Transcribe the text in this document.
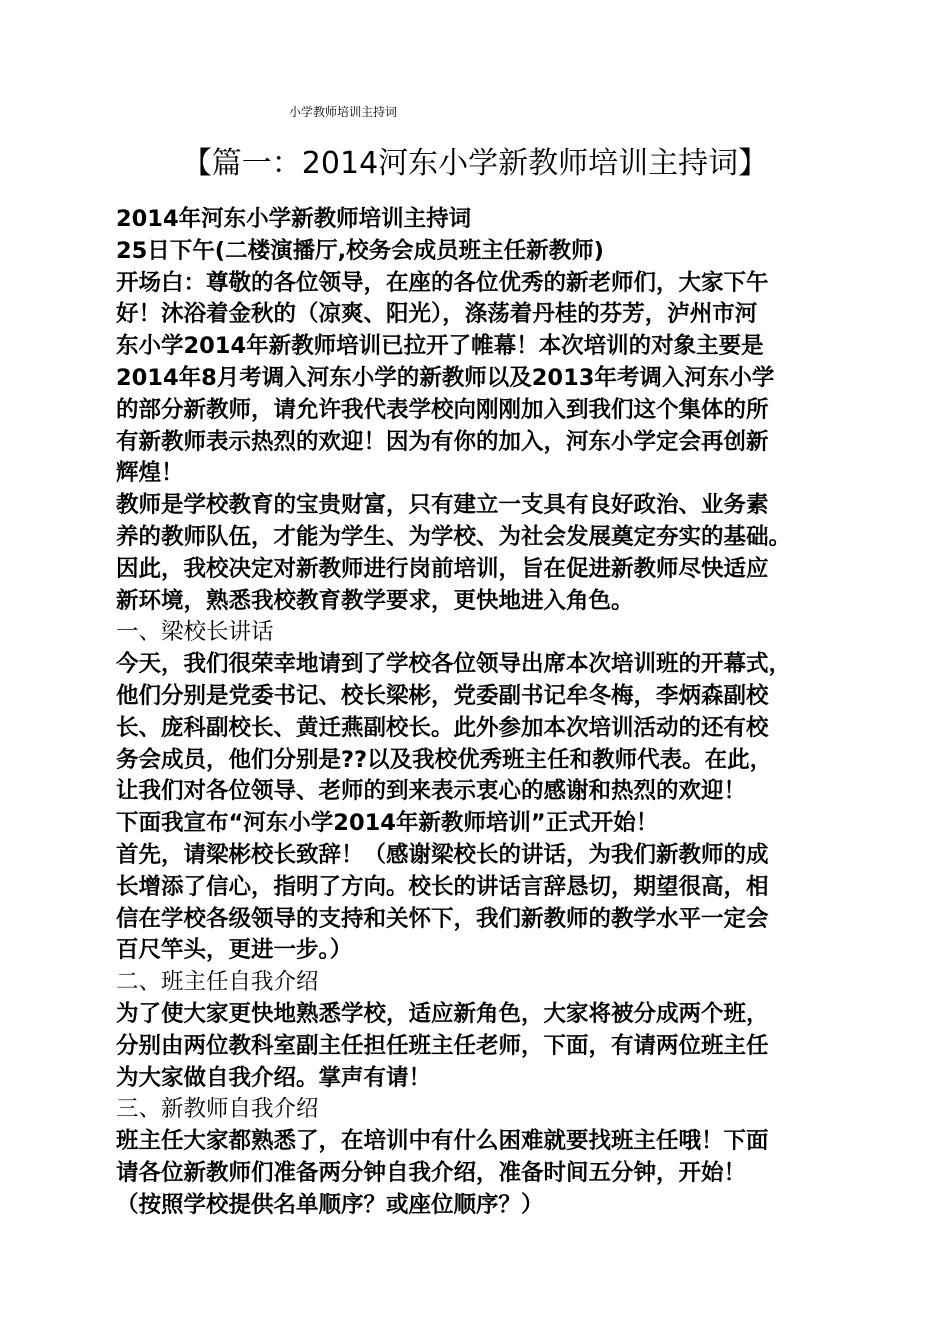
小学教师培训主持词
【篇一：2014河东小学新教师培训主持词】
2014年河东小学新教师培训主持词
25日下午(二楼演播厅,校务会成员班主任新教师)
开场白：尊敬的各位领导，在座的各位优秀的新老师们，大家下午
好！沐浴着金秋的（凉爽、阳光），涤荡着丹桂的芬芳，泸州市河
东小学2014年新教师培训已拉开了帷幕！本次培训的对象主要是
2014年8月考调入河东小学的新教师以及2013年考调入河东小学
的部分新教师，请允许我代表学校向刚刚加入到我们这个集体的所
有新教师表示热烈的欢迎！因为有你的加入，河东小学定会再创新
辉煌！
教师是学校教育的宝贵财富，只有建立一支具有良好政治、业务素
养的教师队伍，才能为学生、为学校、为社会发展奠定夯实的基础。
因此，我校决定对新教师进行岗前培训，旨在促进新教师尽快适应
新环境，熟悉我校教育教学要求，更快地进入角色。
一、梁校长讲话
今天，我们很荣幸地请到了学校各位领导出席本次培训班的开幕式，
他们分别是党委书记、校长梁彬，党委副书记牟冬梅，李炳森副校
长、庞科副校长、黄迁燕副校长。此外参加本次培训活动的还有校
务会成员，他们分别是??以及我校优秀班主任和教师代表。在此，
让我们对各位领导、老师的到来表示衷心的感谢和热烈的欢迎！
下面我宣布“河东小学2014年新教师培训”正式开始！
首先，请梁彬校长致辞！（感谢梁校长的讲话，为我们新教师的成
长增添了信心，指明了方向。校长的讲话言辞恳切，期望很高，相
信在学校各级领导的支持和关怀下，我们新教师的教学水平一定会
百尺竿头，更进一步。）
二、班主任自我介绍
为了使大家更快地熟悉学校，适应新角色，大家将被分成两个班，
分别由两位教科室副主任担任班主任老师，下面，有请两位班主任
为大家做自我介绍。掌声有请！
三、新教师自我介绍
班主任大家都熟悉了，在培训中有什么困难就要找班主任哦！下面
请各位新教师们准备两分钟自我介绍，准备时间五分钟，开始！
（按照学校提供名单顺序？或座位顺序？）
